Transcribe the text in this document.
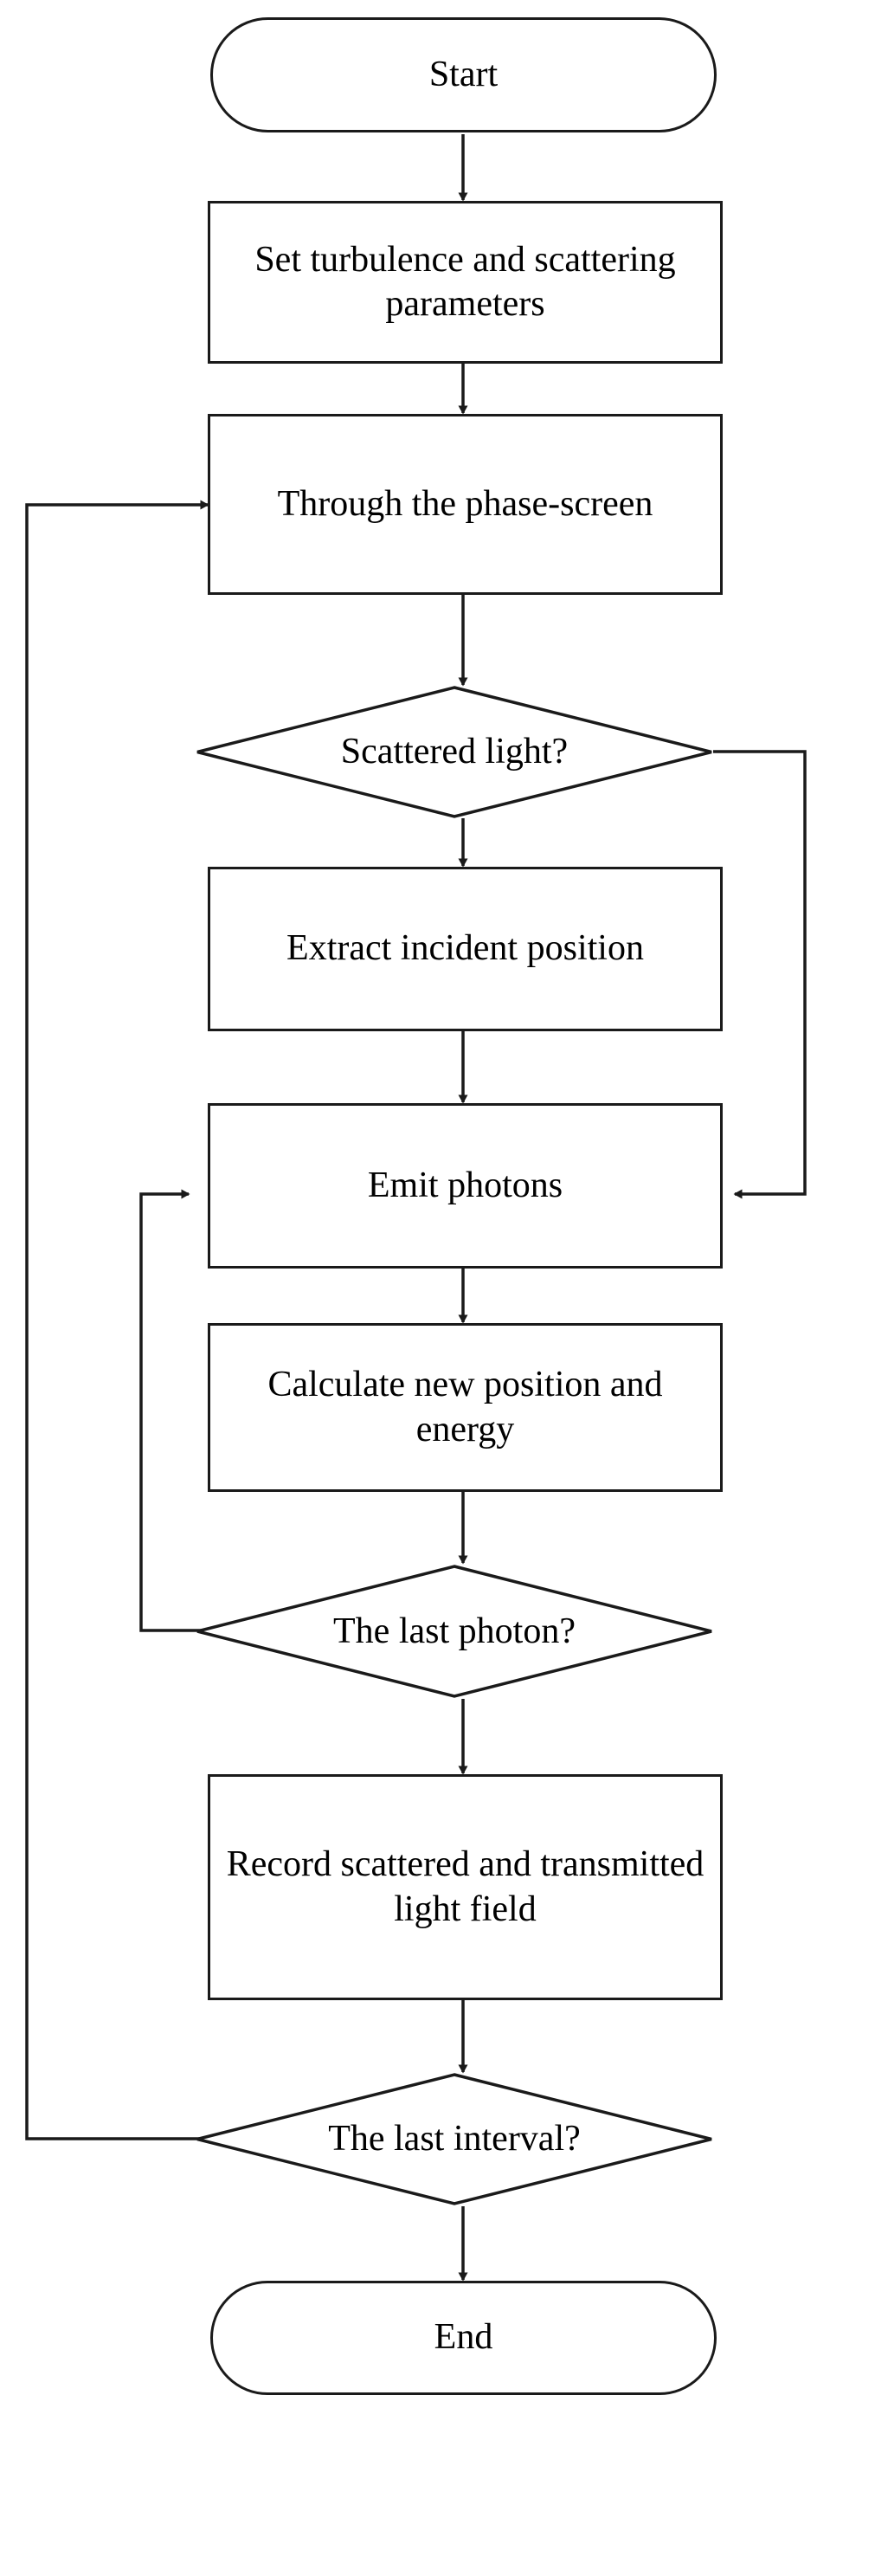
Start
Set turbulence and scattering parameters
Through the phase-screen
Scattered light?
Extract incident position
Emit photons
Calculate new position and energy
The last photon?
Record scattered and transmitted light field
The last interval?
End
